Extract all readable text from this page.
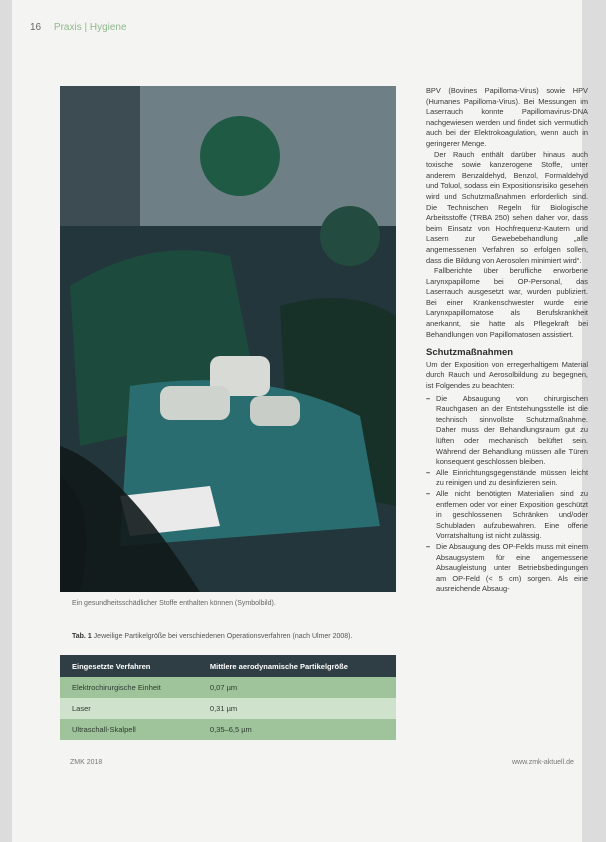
16 Praxis | Hygiene
Ein gesundheitsschädlicher Stoffe enthalten können (Symbolbild).
Tab. 1 Jeweilige Partikelgröße bei verschiedenen Operationsverfahren (nach Ulmer 2008).
Eingesetzte Verfahren	Mittlere aerodynamische Partikelgröße
Elektrochirurgische Einheit	0,07 µm
Laser	0,31 µm
Ultraschall-Skalpell	0,35–6,5 µm

BPV (Bovines Papilloma-Virus) sowie HPV (Humanes Papilloma-Virus). Bei Messungen im Laserrauch konnte Papillomavirus-DNA nachgewiesen werden und findet sich vermutlich auch bei der Elektrokoagulation, wenn auch in geringerer Menge.

Der Rauch enthält darüber hinaus auch toxische sowie kanzerogene Stoffe, unter anderem Benzaldehyd, Benzol, Formaldehyd und Toluol, sodass ein Expositionsrisiko gesehen wird und Schutzmaßnahmen erforderlich sind. Die Technischen Regeln für Biologische Arbeitsstoffe (TRBA 250) sehen daher vor, dass beim Einsatz von Hochfrequenz-Kautern und Lasern zur Gewebebehandlung „alle angemessenen Verfahren so erfolgen sollen, dass die Bildung von Aerosolen minimiert wird“.

Fallberichte über berufliche erworbene Larynxpapillome bei OP-Personal, das Laserrauch ausgesetzt war, wurden publiziert. Bei einer Krankenschwester wurde eine Larynxpapillomatose als Berufskrankheit anerkannt, sie hatte als Pflegekraft bei Behandlungen von Papillomatosen assistiert.

Schutzmaßnahmen

Um der Exposition von erregerhaltigem Material durch Rauch und Aerosolbildung zu begegnen, ist Folgendes zu beachten:

– Die Absaugung von chirurgischen Rauchgasen an der Entstehungsstelle ist die technisch sinnvollste Schutzmaßnahme. Daher muss der Behandlungsraum gut zu lüften oder mechanisch belüftet sein. Während der Behandlung müssen alle Türen konsequent geschlossen bleiben.
– Alle Einrichtungsgegenstände müssen leicht zu reinigen und zu desinfizieren sein.
– Alle nicht benötigten Materialien sind zu entfernen oder vor einer Exposition geschützt in geschlossenen Schränken und/oder Schubladen aufzubewahren. Eine offene Vorratshaltung ist nicht zulässig.
– Die Absaugung des OP-Felds muss mit einem Absaugsystem für eine angemessene Absaugleistung unter Betriebsbedingungen am OP-Feld (< 5 cm) sorgen. Als eine ausreichende Absaug-
ZMK 2018	www.zmk-aktuell.de
